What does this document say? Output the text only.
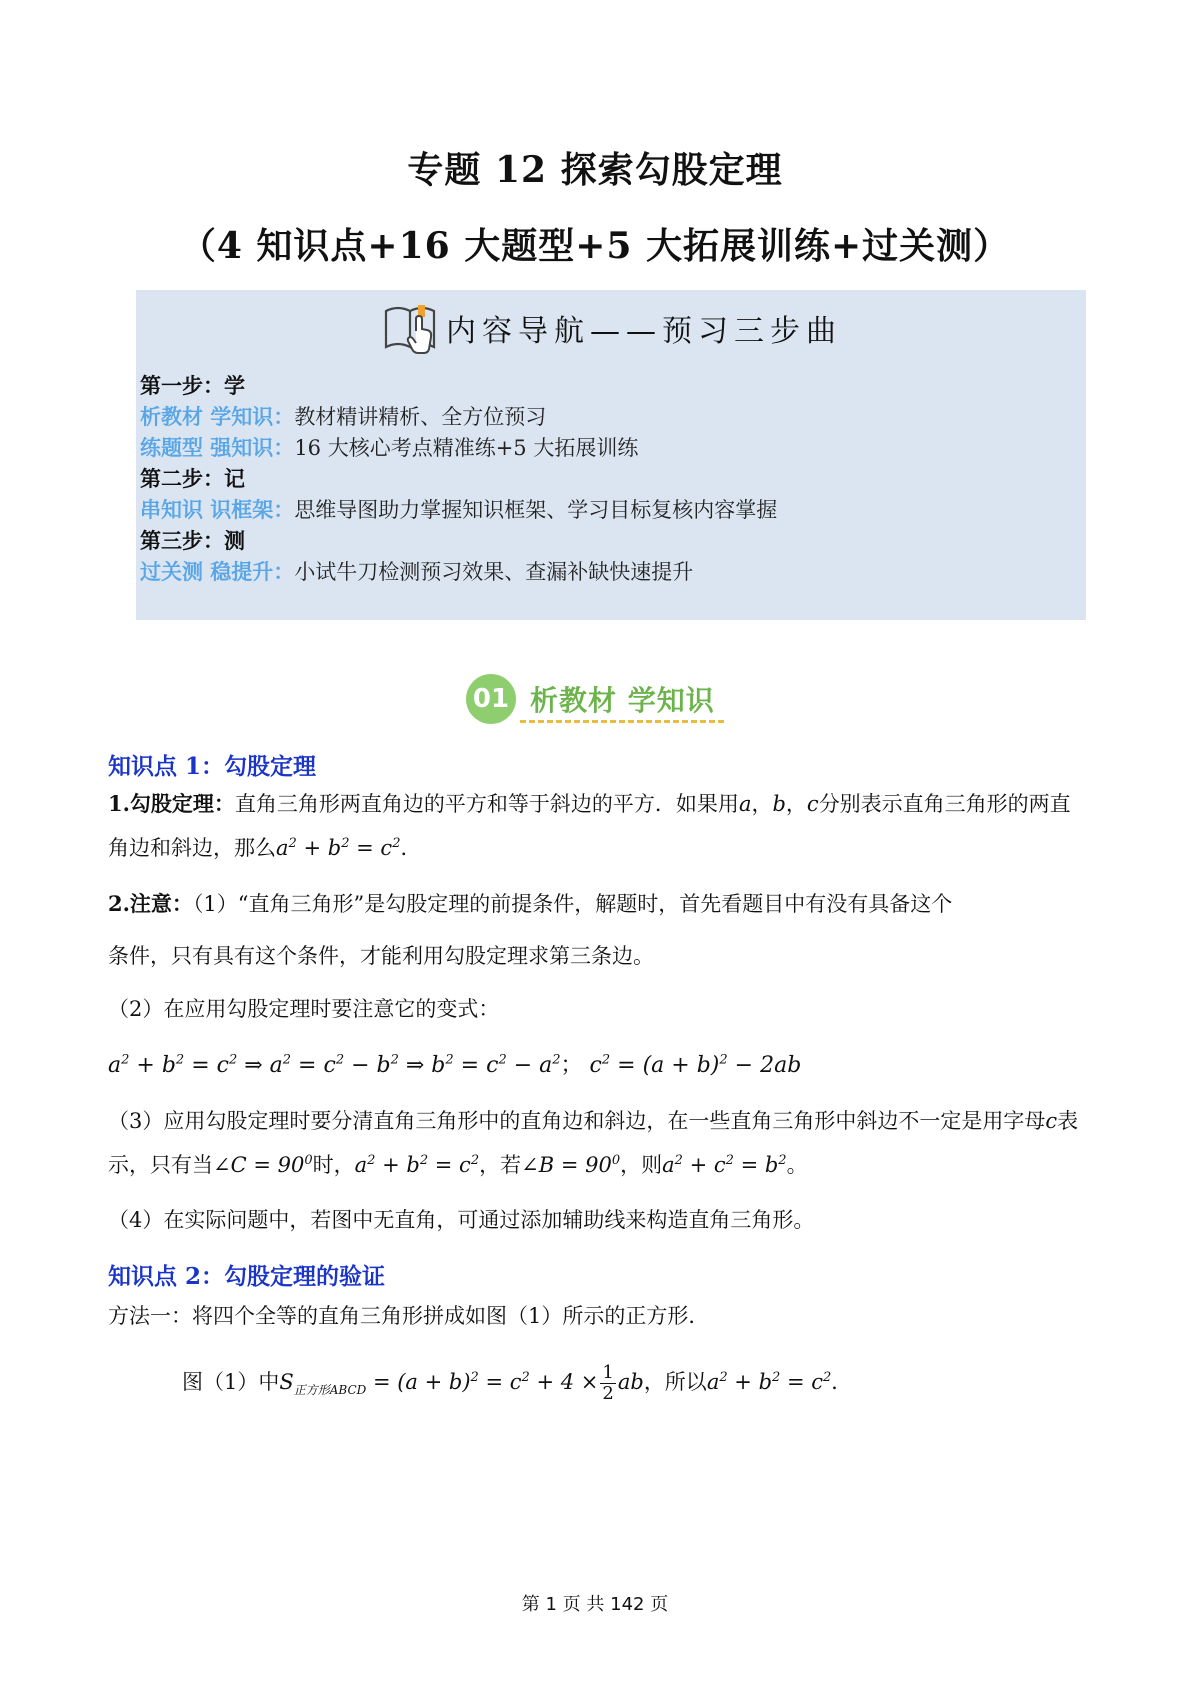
专题 12 探索勾股定理
（4 知识点+16 大题型+5 大拓展训练+过关测）
内容导航——预习三步曲
第一步：学
析教材 学知识：教材精讲精析、全方位预习
练题型 强知识：16 大核心考点精准练+5 大拓展训练
第二步：记
串知识 识框架：思维导图助力掌握知识框架、学习目标复核内容掌握
第三步：测
过关测 稳提升：小试牛刀检测预习效果、查漏补缺快速提升
01 析教材 学知识
知识点 1：勾股定理
1.勾股定理：直角三角形两直角边的平方和等于斜边的平方．如果用a，b，c分别表示直角三角形的两直
角边和斜边，那么$a^2 + b^2 = c^2$．
2.注意：（1）“直角三角形”是勾股定理的前提条件，解题时，首先看题目中有没有具备这个
条件，只有具有这个条件，才能利用勾股定理求第三条边。
（2）在应用勾股定理时要注意它的变式：
$a^2 + b^2 = c^2$ ⇒ $a^2 = c^2 - b^2$ ⇒ $b^2 = c^2 - a^2$； $c^2 = (a + b)^2 - 2ab$
（3）应用勾股定理时要分清直角三角形中的直角边和斜边，在一些直角三角形中斜边不一定是用字母c表
示，只有当∠C = $90^0$时，$a^2 + b^2 = c^2$，若∠B = $90^0$，则$a^2 + c^2 = b^2$。
（4）在实际问题中，若图中无直角，可通过添加辅助线来构造直角三角形。
知识点 2：勾股定理的验证
方法一：将四个全等的直角三角形拼成如图（1）所示的正方形．
图（1）中$S_{正方形ABCD} = (a + b)^2 = c^2 + 4 \times \frac{1}{2}$ ab，所以$a^2 + b^2 = c^2$．
第 1 页 共 142 页
